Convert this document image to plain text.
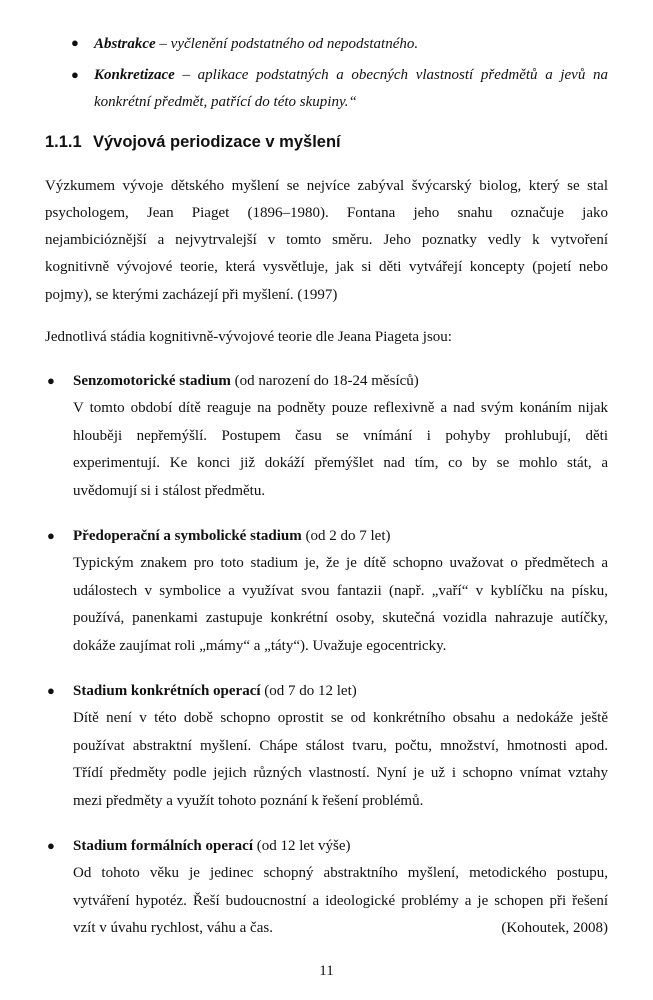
● Abstrakce – vyčlenění podstatného od nepodstatného.
● Konkretizace – aplikace podstatných a obecných vlastností předmětů a jevů na
konkrétní předmět, patřící do této skupiny.“
1.1.1 Vývojová periodizace v myšlení
Výzkumem vývoje dětského myšlení se nejvíce zabýval švýcarský biolog, který se stal
psychologem, Jean Piaget (1896–1980). Fontana jeho snahu označuje jako
nejambicióznější a nejvytrvalejší v tomto směru. Jeho poznatky vedly k vytvoření
kognitivně vývojové teorie, která vysvětluje, jak si děti vytvářejí koncepty (pojetí nebo
pojmy), se kterými zacházejí při myšlení. (1997)
Jednotlivá stádia kognitivně-vývojové teorie dle Jeana Piageta jsou:
● Senzomotorické stadium (od narození do 18-24 měsíců)
V tomto období dítě reaguje na podněty pouze reflexivně a nad svým konáním nijak
hlouběji nepřemýšlí. Postupem času se vnímání i pohyby prohlubují, děti
experimentují. Ke konci již dokáží přemýšlet nad tím, co by se mohlo stát, a
uvědomují si i stálost předmětu.
● Předoperační a symbolické stadium (od 2 do 7 let)
Typickým znakem pro toto stadium je, že je dítě schopno uvažovat o předmětech a
událostech v symbolice a využívat svou fantazii (např. „vaří“ v kyblíčku na písku,
používá, panenkami zastupuje konkrétní osoby, skutečná vozidla nahrazuje autíčky,
dokáže zaujímat roli „mámy“ a „táty“). Uvažuje egocentricky.
● Stadium konkrétních operací (od 7 do 12 let)
Dítě není v této době schopno oprostit se od konkrétního obsahu a nedokáže ještě
používat abstraktní myšlení. Chápe stálost tvaru, počtu, množství, hmotnosti apod.
Třídí předměty podle jejich různých vlastností. Nyní je už i schopno vnímat vztahy
mezi předměty a využít tohoto poznání k řešení problémů.
● Stadium formálních operací (od 12 let výše)
Od tohoto věku je jedinec schopný abstraktního myšlení, metodického postupu,
vytváření hypotéz. Řeší budoucnostní a ideologické problémy a je schopen při řešení
vzít v úvahu rychlost, váhu a čas.	(Kohoutek, 2008)
11
